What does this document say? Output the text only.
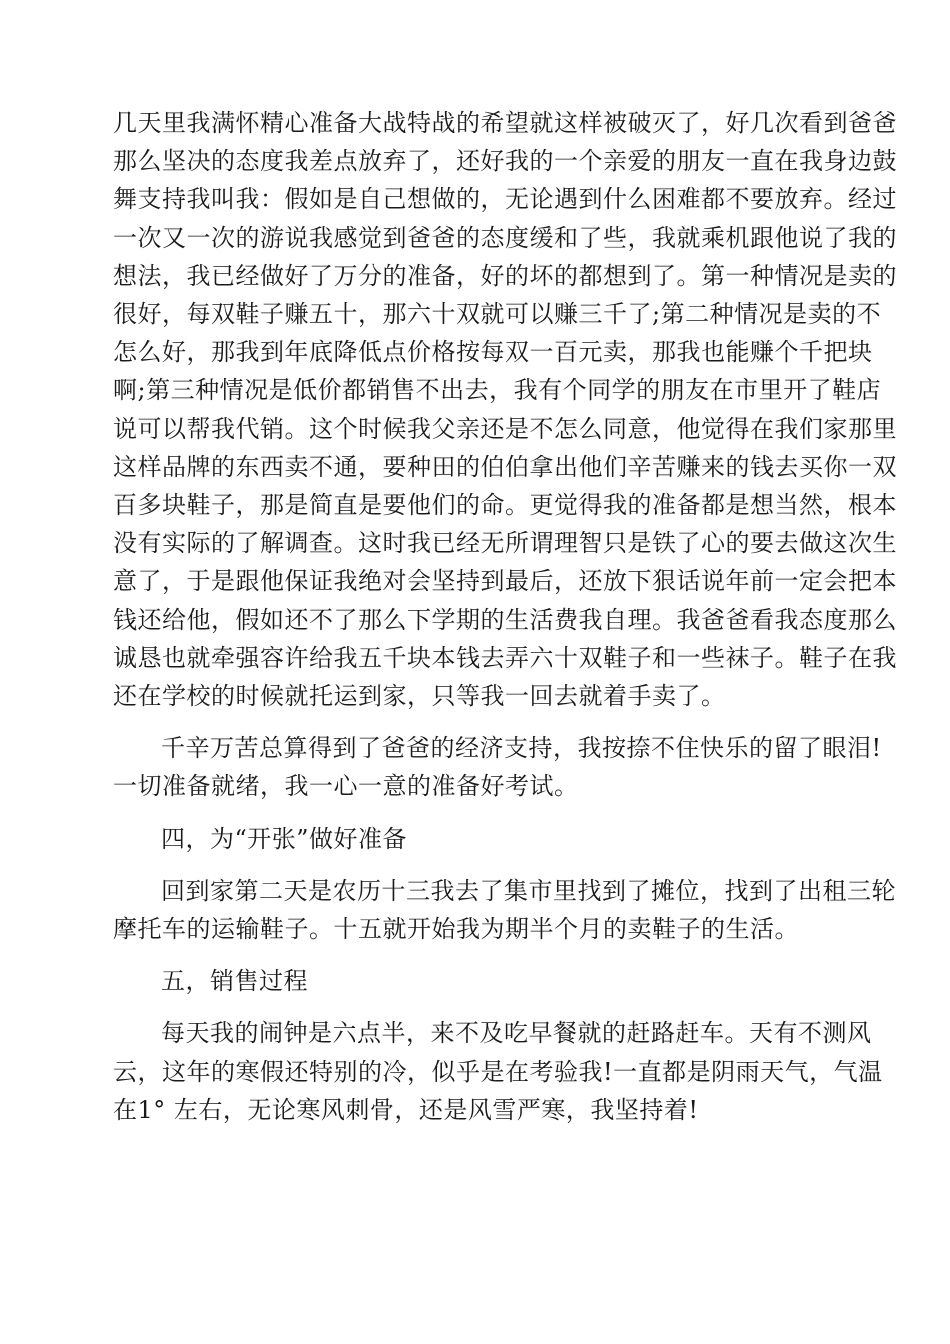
几天里我满怀精心准备大战特战的希望就这样被破灭了，好几次看到爸爸
那么坚决的态度我差点放弃了，还好我的一个亲爱的朋友一直在我身边鼓
舞支持我叫我：假如是自己想做的，无论遇到什么困难都不要放弃。经过
一次又一次的游说我感觉到爸爸的态度缓和了些，我就乘机跟他说了我的
想法，我已经做好了万分的准备，好的坏的都想到了。第一种情况是卖的
很好，每双鞋子赚五十，那六十双就可以赚三千了;第二种情况是卖的不
怎么好，那我到年底降低点价格按每双一百元卖，那我也能赚个千把块
啊;第三种情况是低价都销售不出去，我有个同学的朋友在市里开了鞋店
说可以帮我代销。这个时候我父亲还是不怎么同意，他觉得在我们家那里
这样品牌的东西卖不通，要种田的伯伯拿出他们辛苦赚来的钱去买你一双
百多块鞋子，那是简直是要他们的命。更觉得我的准备都是想当然，根本
没有实际的了解调查。这时我已经无所谓理智只是铁了心的要去做这次生
意了，于是跟他保证我绝对会坚持到最后，还放下狠话说年前一定会把本
钱还给他，假如还不了那么下学期的生活费我自理。我爸爸看我态度那么
诚恳也就牵强容许给我五千块本钱去弄六十双鞋子和一些袜子。鞋子在我
还在学校的时候就托运到家，只等我一回去就着手卖了。

千辛万苦总算得到了爸爸的经济支持，我按捺不住快乐的留了眼泪!
一切准备就绪，我一心一意的准备好考试。

四，为“开张”做好准备

回到家第二天是农历十三我去了集市里找到了摊位，找到了出租三轮
摩托车的运输鞋子。十五就开始我为期半个月的卖鞋子的生活。

五，销售过程

每天我的闹钟是六点半，来不及吃早餐就的赶路赶车。天有不测风
云，这年的寒假还特别的冷，似乎是在考验我!一直都是阴雨天气，气温
在1° 左右，无论寒风刺骨，还是风雪严寒，我坚持着!
